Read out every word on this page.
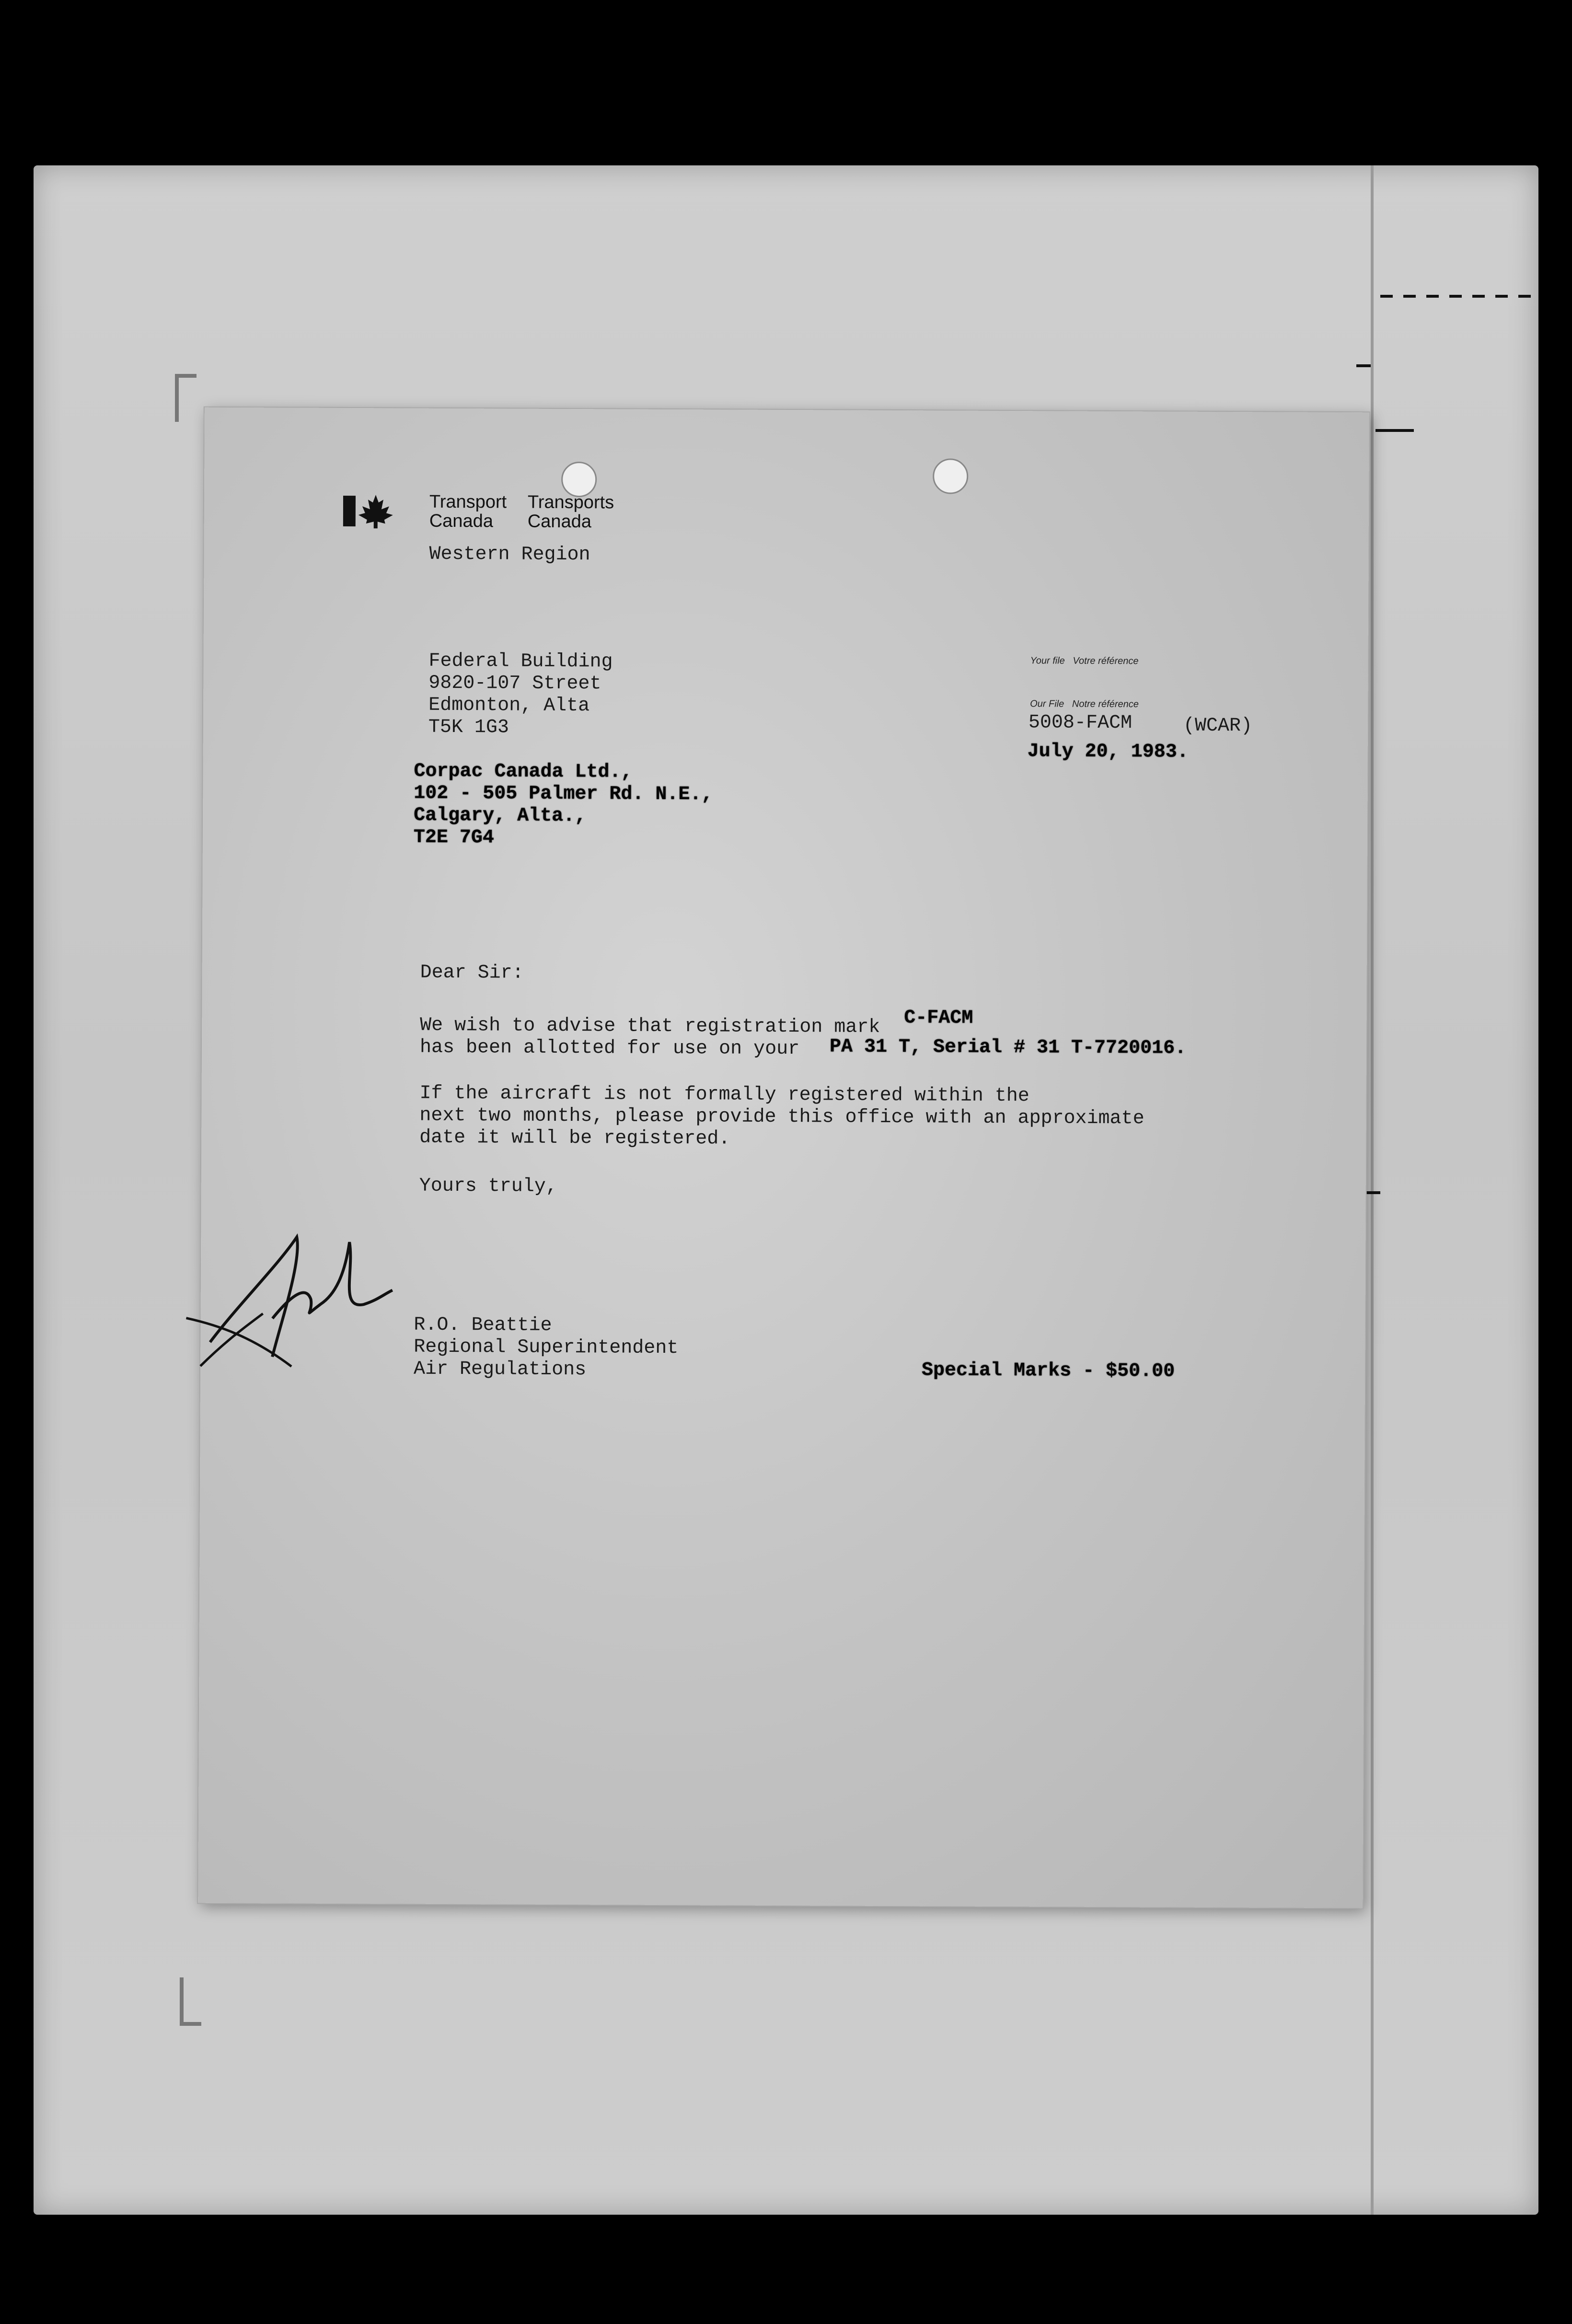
Transport
Canada
Transports
Canada
Western Region
Federal Building
9820-107 Street
Edmonton, Alta
T5K 1G3
Your file   Votre référence
Our File   Notre référence
5008-FACM	(WCAR)
July 20, 1983.
Corpac Canada Ltd.,
102 - 505 Palmer Rd. N.E.,
Calgary, Alta.,
T2E 7G4
Dear Sir:
We wish to advise that registration mark C-FACM
has been allotted for use on your PA 31 T, Serial # 31 T-7720016.
If the aircraft is not formally registered within the
next two months, please provide this office with an approximate
date it will be registered.
Yours truly,
R.O. Beattie
Regional Superintendent
Air Regulations	Special Marks - $50.00
